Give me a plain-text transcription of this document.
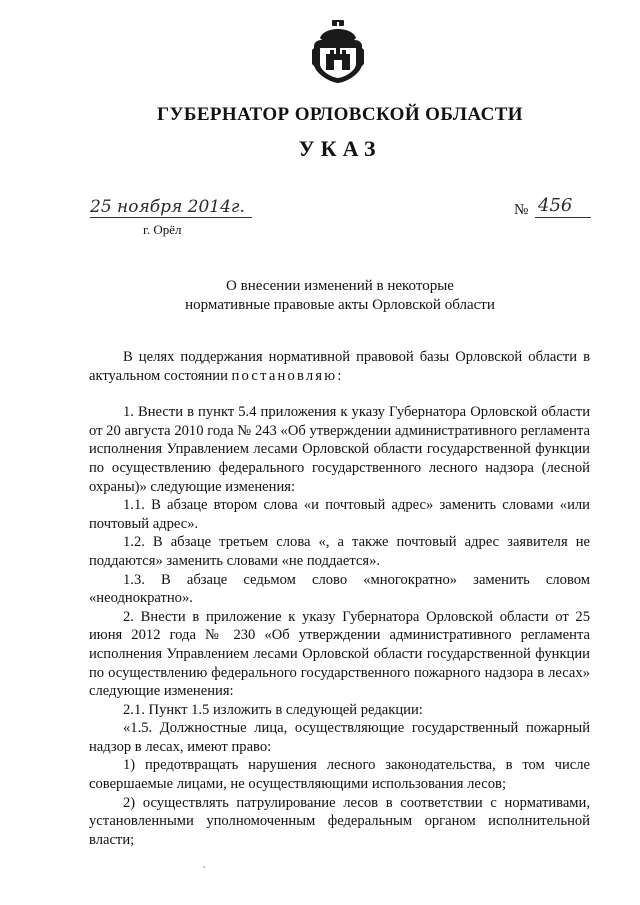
ГУБЕРНАТОР ОРЛОВСКОЙ ОБЛАСТИ
УКАЗ
25 ноября 2014г.	№ 456
г. Орёл
О внесении изменений в некоторые
нормативные правовые акты Орловской области

В целях поддержания нормативной правовой базы Орловской области в актуальном состоянии постановляю:

1. Внести в пункт 5.4 приложения к указу Губернатора Орловской области от 20 августа 2010 года № 243 «Об утверждении административного регламента исполнения Управлением лесами Орловской области государственной функции по осуществлению федерального государственного лесного надзора (лесной охраны)» следующие изменения:

1.1. В абзаце втором слова «и почтовый адрес» заменить словами «или почтовый адрес».

1.2. В абзаце третьем слова «, а также почтовый адрес заявителя не поддаются» заменить словами «не поддается».

1.3. В абзаце седьмом слово «многократно» заменить словом «неоднократно».

2. Внести в приложение к указу Губернатора Орловской области от 25 июня 2012 года № 230 «Об утверждении административного регламента исполнения Управлением лесами Орловской области государственной функции по осуществлению федерального государственного пожарного надзора в лесах» следующие изменения:

2.1. Пункт 1.5 изложить в следующей редакции:

«1.5. Должностные лица, осуществляющие государственный пожарный надзор в лесах, имеют право:

1) предотвращать нарушения лесного законодательства, в том числе совершаемые лицами, не осуществляющими использования лесов;

2) осуществлять патрулирование лесов в соответствии с нормативами, установленными уполномоченным федеральным органом исполнительной власти;

˛
